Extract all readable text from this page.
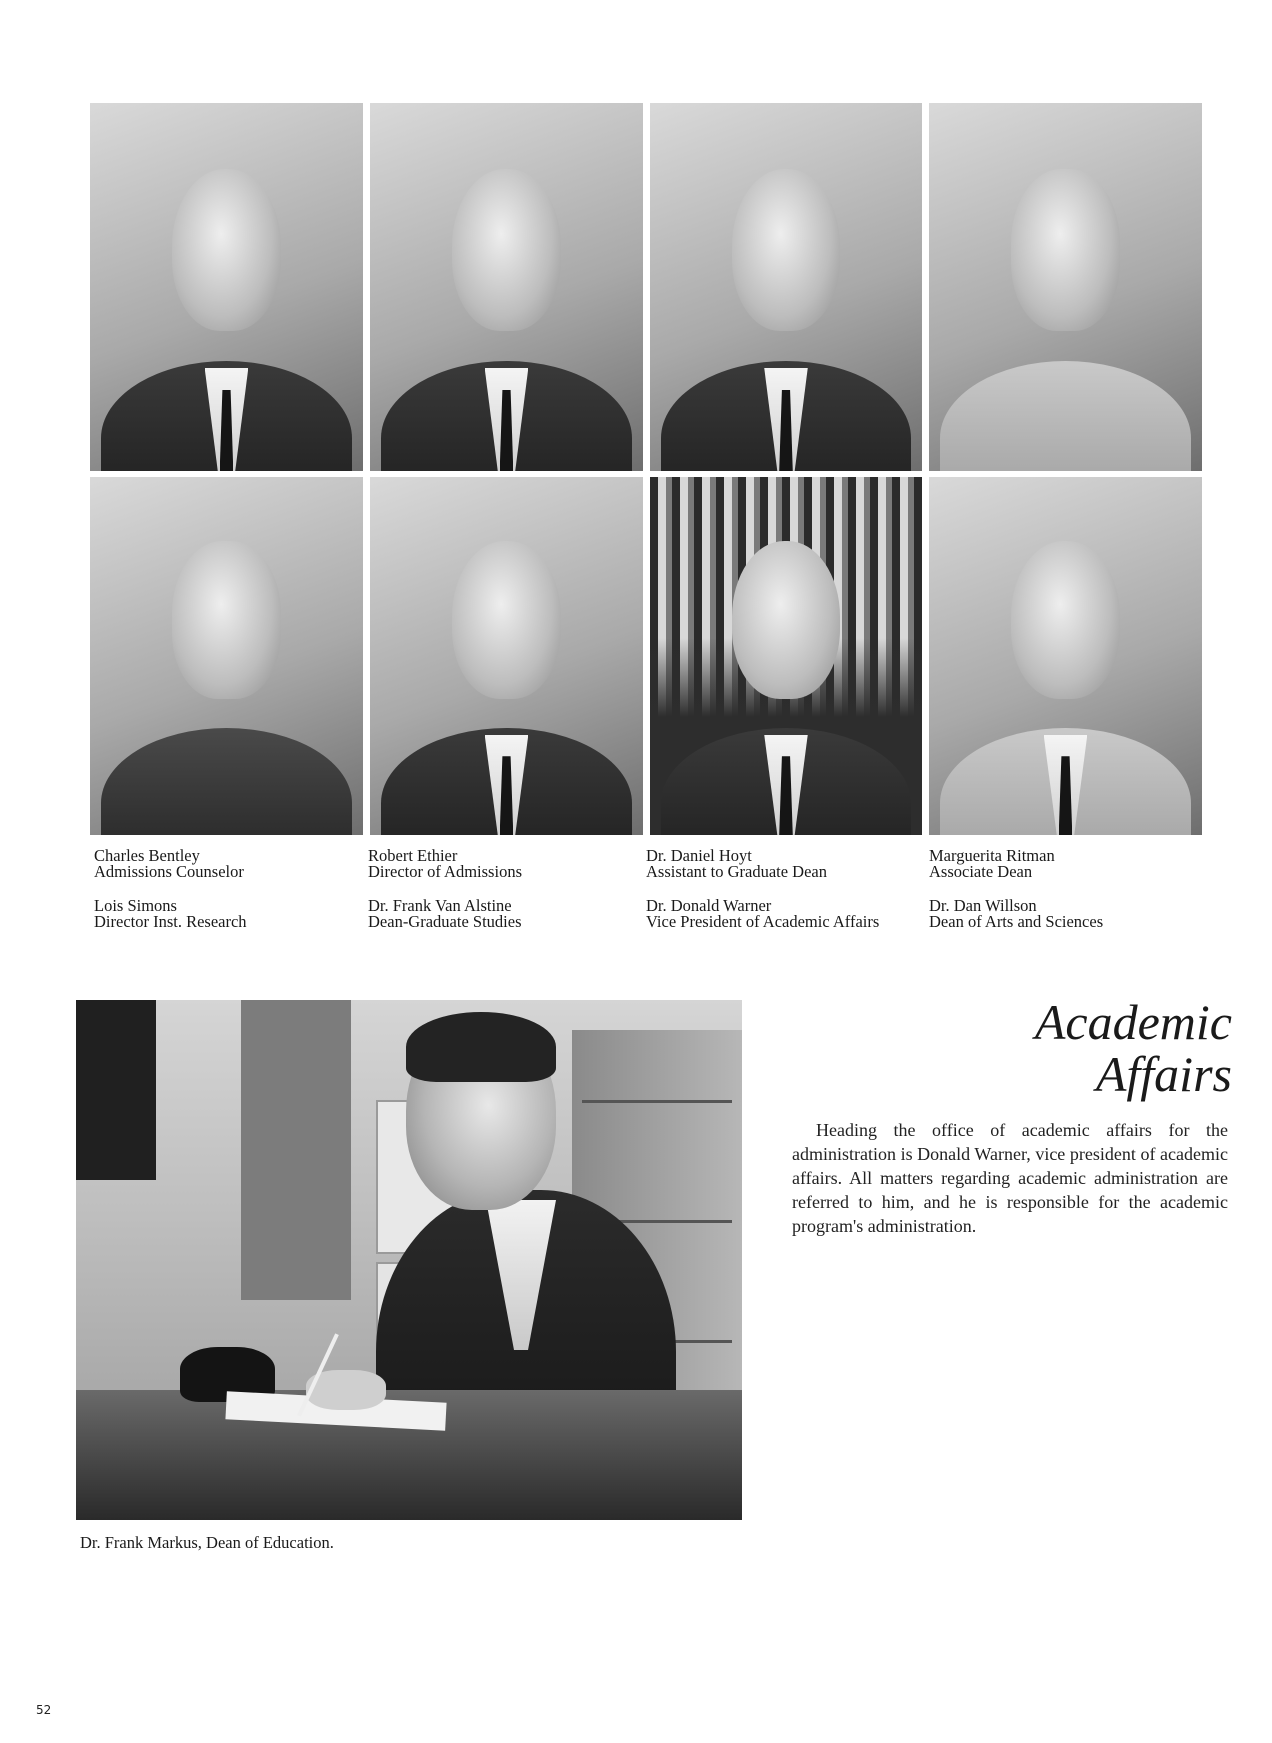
Charles Bentley
Admissions Counselor
Lois Simons
Director Inst. Research
Robert Ethier
Director of Admissions
Dr. Frank Van Alstine
Dean-Graduate Studies
Dr. Daniel Hoyt
Assistant to Graduate Dean
Dr. Donald Warner
Vice President of Academic Affairs
Marguerita Ritman
Associate Dean
Dr. Dan Willson
Dean of Arts and Sciences
Dr. Frank Markus, Dean of Education.
Academic
Affairs

Heading the office of academic affairs for the administration is Donald Warner, vice president of academic affairs. All matters regarding academic administration are referred to him, and he is responsible for the academic program's administration.

52
